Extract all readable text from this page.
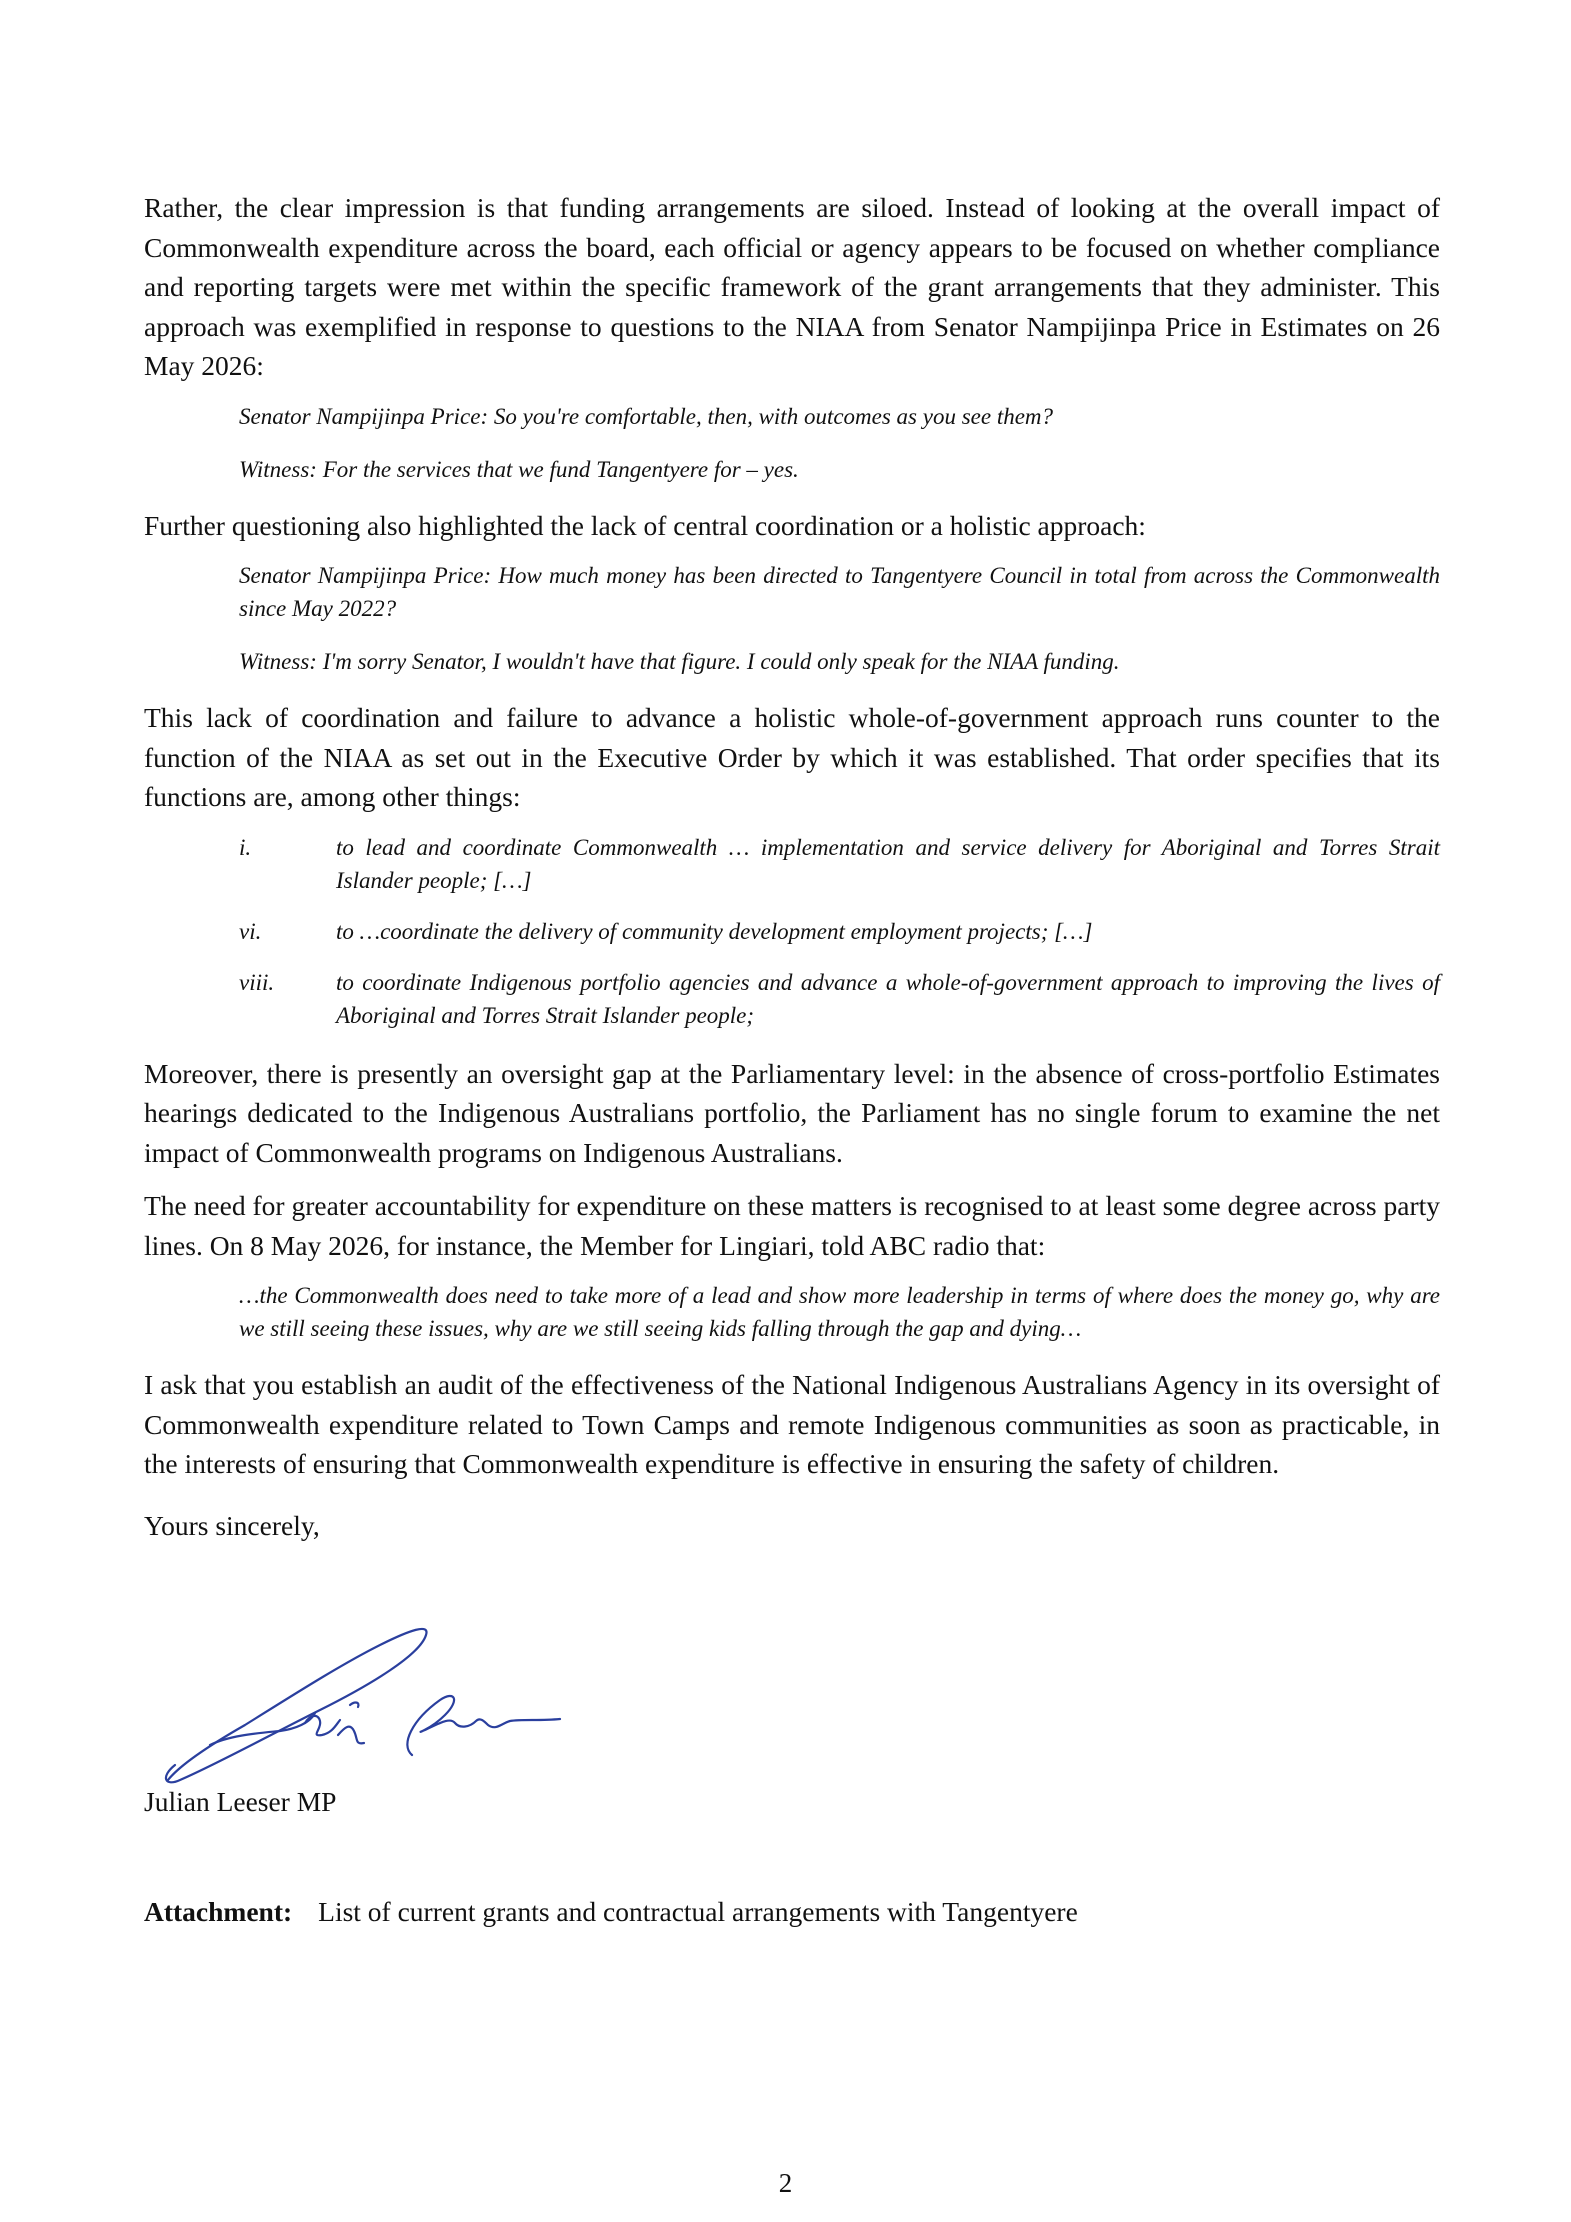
Rather, the clear impression is that funding arrangements are siloed. Instead of looking at the overall impact of Commonwealth expenditure across the board, each official or agency appears to be focused on whether compliance and reporting targets were met within the specific framework of the grant arrangements that they administer. This approach was exemplified in response to questions to the NIAA from Senator Nampijinpa Price in Estimates on 26 May 2026:

Senator Nampijinpa Price: So you're comfortable, then, with outcomes as you see them?

Witness: For the services that we fund Tangentyere for – yes.

Further questioning also highlighted the lack of central coordination or a holistic approach:

Senator Nampijinpa Price: How much money has been directed to Tangentyere Council in total from across the Commonwealth since May 2022?

Witness: I'm sorry Senator, I wouldn't have that figure. I could only speak for the NIAA funding.

This lack of coordination and failure to advance a holistic whole-of-government approach runs counter to the function of the NIAA as set out in the Executive Order by which it was established. That order specifies that its functions are, among other things:

i.	to lead and coordinate Commonwealth … implementation and service delivery for Aboriginal and Torres Strait Islander people; […]
vi.	to …coordinate the delivery of community development employment projects; […]
viii.	to coordinate Indigenous portfolio agencies and advance a whole-of-government approach to improving the lives of Aboriginal and Torres Strait Islander people;

Moreover, there is presently an oversight gap at the Parliamentary level: in the absence of cross-portfolio Estimates hearings dedicated to the Indigenous Australians portfolio, the Parliament has no single forum to examine the net impact of Commonwealth programs on Indigenous Australians.

The need for greater accountability for expenditure on these matters is recognised to at least some degree across party lines. On 8 May 2026, for instance, the Member for Lingiari, told ABC radio that:

…the Commonwealth does need to take more of a lead and show more leadership in terms of where does the money go, why are we still seeing these issues, why are we still seeing kids falling through the gap and dying…

I ask that you establish an audit of the effectiveness of the National Indigenous Australians Agency in its oversight of Commonwealth expenditure related to Town Camps and remote Indigenous communities as soon as practicable, in the interests of ensuring that Commonwealth expenditure is effective in ensuring the safety of children.

Yours sincerely,

Julian Leeser MP
Attachment: List of current grants and contractual arrangements with Tangentyere
2
